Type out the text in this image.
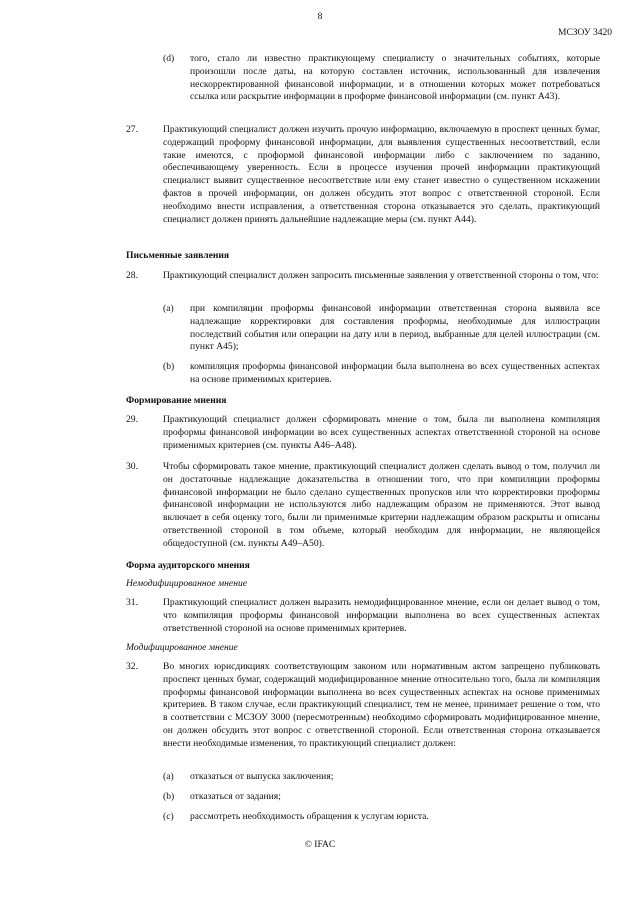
8
МСЗОУ 3420
(d) того, стало ли известно практикующему специалисту о значительных событиях, которые произошли после даты, на которую составлен источник, использованный для извлечения нескорректированной финансовой информации, и в отношении которых может потребоваться ссылка или раскрытие информации в проформе финансовой информации (см. пункт А43).
27.	Практикующий специалист должен изучить прочую информацию, включаемую в проспект ценных бумаг, содержащий проформу финансовой информации, для выявления существенных несоответствий, если такие имеются, с проформой финансовой информации либо с заключением по заданию, обеспечивающему уверенность. Если в процессе изучения прочей информации практикующий специалист выявит существенное несоответствие или ему станет известно о существенном искажении фактов в прочей информации, он должен обсудить этот вопрос с ответственной стороной. Если необходимо внести исправления, а ответственная сторона отказывается это сделать, практикующий специалист должен принять дальнейшие надлежащие меры (см. пункт А44).
Письменные заявления
28.	Практикующий специалист должен запросить письменные заявления у ответственной стороны о том, что:
(a) при компиляции проформы финансовой информации ответственная сторона выявила все надлежащие корректировки для составления проформы, необходимые для иллюстрации последствий события или операции на дату или в период, выбранные для целей иллюстрации (см. пункт А45);
(b) компиляция проформы финансовой информации была выполнена во всех существенных аспектах на основе применимых критериев.
Формирование мнения
29.	Практикующий специалист должен сформировать мнение о том, была ли выполнена компиляция проформы финансовой информации во всех существенных аспектах ответственной стороной на основе применимых критериев (см. пункты А46–А48).
30.	Чтобы сформировать такое мнение, практикующий специалист должен сделать вывод о том, получил ли он достаточные надлежащие доказательства в отношении того, что при компиляции проформы финансовой информации не было сделано существенных пропусков или что корректировки проформы финансовой информации не используются либо надлежащим образом не применяются. Этот вывод включает в себя оценку того, были ли применимые критерии надлежащим образом раскрыты и описаны ответственной стороной в том объеме, который необходим для информации, не являющейся общедоступной (см. пункты А49–А50).
Форма аудиторского мнения
Немодифицированное мнение
31.	Практикующий специалист должен выразить немодифицированное мнение, если он делает вывод о том, что компиляция проформы финансовой информации выполнена во всех существенных аспектах ответственной стороной на основе применимых критериев.
Модифицированное мнение
32.	Во многих юрисдикциях соответствующим законом или нормативным актом запрещено публиковать проспект ценных бумаг, содержащий модифицированное мнение относительно того, была ли компиляция проформы финансовой информации выполнена во всех существенных аспектах на основе применимых критериев. В таком случае, если практикующий специалист, тем не менее, принимает решение о том, что в соответствии с МСЗОУ 3000 (пересмотренным) необходимо сформировать модифицированное мнение, он должен обсудить этот вопрос с ответственной стороной. Если ответственная сторона отказывается внести необходимые изменения, то практикующий специалист должен:
(a) отказаться от выпуска заключения;
(b) отказаться от задания;
(c) рассмотреть необходимость обращения к услугам юриста.
© IFAC
